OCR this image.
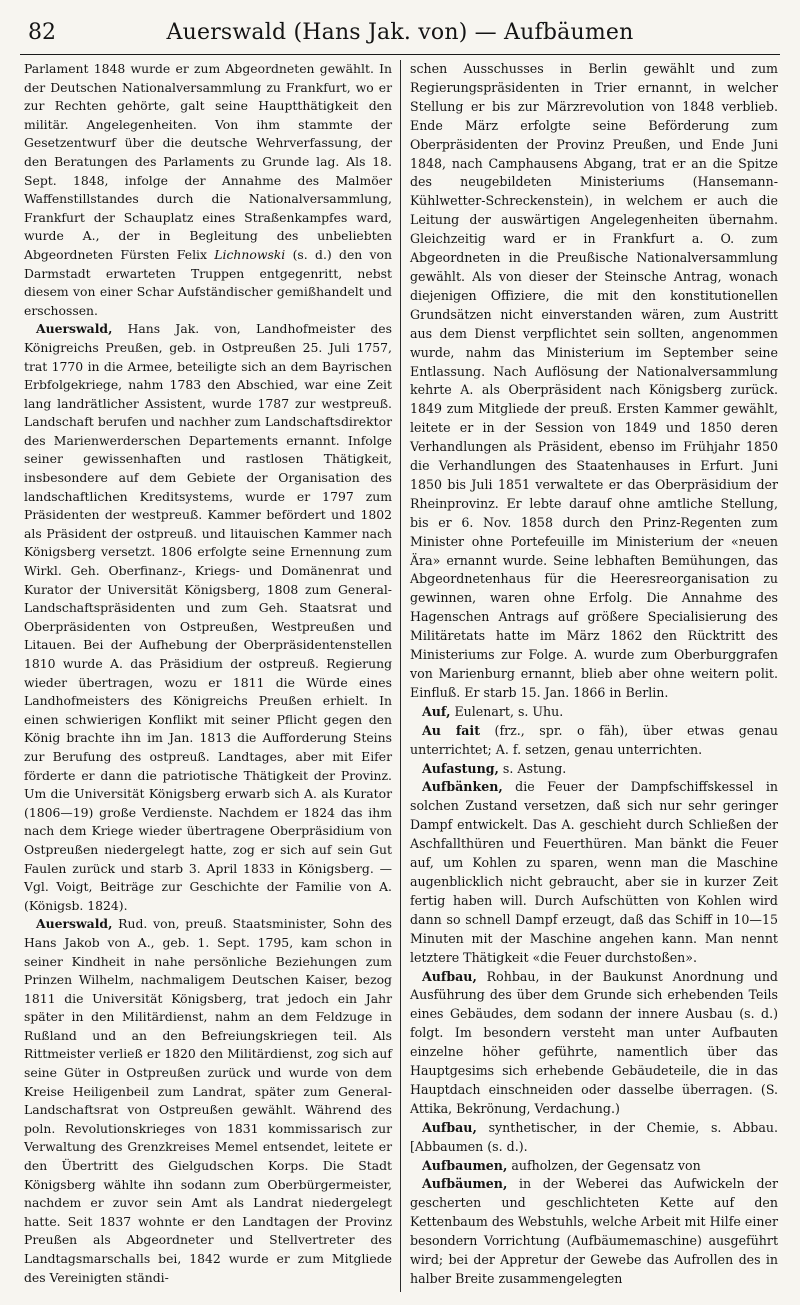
82	Auerswald (Hans Jak. von) — Aufbäumen

Parlament 1848 wurde er zum Abgeordneten gewählt. In der Deutschen Nationalversammlung zu Frankfurt, wo er zur Rechten gehörte, galt seine Hauptthätigkeit den militär. Angelegenheiten. Von ihm stammte der Gesetzentwurf über die deutsche Wehrverfassung, der den Beratungen des Parlaments zu Grunde lag. Als 18. Sept. 1848, infolge der Annahme des Malmöer Waffenstillstandes durch die Nationalversammlung, Frankfurt der Schauplatz eines Straßenkampfes ward, wurde A., der in Begleitung des unbeliebten Abgeordneten Fürsten Felix Lichnowski (s. d.) den von Darmstadt erwarteten Truppen entgegenritt, nebst diesem von einer Schar Aufständischer gemißhandelt und erschossen.

Auerswald, Hans Jak. von, Landhofmeister des Königreichs Preußen, geb. in Ostpreußen 25. Juli 1757, trat 1770 in die Armee, beteiligte sich an dem Bayrischen Erbfolgekriege, nahm 1783 den Abschied, war eine Zeit lang landrätlicher Assistent, wurde 1787 zur westpreuß. Landschaft berufen und nachher zum Landschaftsdirektor des Marienwerderschen Departements ernannt. Infolge seiner gewissenhaften und rastlosen Thätigkeit, insbesondere auf dem Gebiete der Organisation des landschaftlichen Kreditsystems, wurde er 1797 zum Präsidenten der westpreuß. Kammer befördert und 1802 als Präsident der ostpreuß. und litauischen Kammer nach Königsberg versetzt. 1806 erfolgte seine Ernennung zum Wirkl. Geh. Oberfinanz-, Kriegs- und Domänenrat und Kurator der Universität Königsberg, 1808 zum General-Landschaftspräsidenten und zum Geh. Staatsrat und Oberpräsidenten von Ostpreußen, Westpreußen und Litauen. Bei der Aufhebung der Oberpräsidentenstellen 1810 wurde A. das Präsidium der ostpreuß. Regierung wieder übertragen, wozu er 1811 die Würde eines Landhofmeisters des Königreichs Preußen erhielt. In einen schwierigen Konflikt mit seiner Pflicht gegen den König brachte ihn im Jan. 1813 die Aufforderung Steins zur Berufung des ostpreuß. Landtages, aber mit Eifer förderte er dann die patriotische Thätigkeit der Provinz. Um die Universität Königsberg erwarb sich A. als Kurator (1806—19) große Verdienste. Nachdem er 1824 das ihm nach dem Kriege wieder übertragene Oberpräsidium von Ostpreußen niedergelegt hatte, zog er sich auf sein Gut Faulen zurück und starb 3. April 1833 in Königsberg. — Vgl. Voigt, Beiträge zur Geschichte der Familie von A. (Königsb. 1824).

Auerswald, Rud. von, preuß. Staatsminister, Sohn des Hans Jakob von A., geb. 1. Sept. 1795, kam schon in seiner Kindheit in nahe persönliche Beziehungen zum Prinzen Wilhelm, nachmaligem Deutschen Kaiser, bezog 1811 die Universität Königsberg, trat jedoch ein Jahr später in den Militärdienst, nahm an dem Feldzuge in Rußland und an den Befreiungskriegen teil. Als Rittmeister verließ er 1820 den Militärdienst, zog sich auf seine Güter in Ostpreußen zurück und wurde von dem Kreise Heiligenbeil zum Landrat, später zum General-Landschaftsrat von Ostpreußen gewählt. Während des poln. Revolutionskrieges von 1831 kommissarisch zur Verwaltung des Grenzkreises Memel entsendet, leitete er den Übertritt des Gielgudschen Korps. Die Stadt Königsberg wählte ihn sodann zum Oberbürgermeister, nachdem er zuvor sein Amt als Landrat niedergelegt hatte. Seit 1837 wohnte er den Landtagen der Provinz Preußen als Abgeordneter und Stellvertreter des Landtagsmarschalls bei, 1842 wurde er zum Mitgliede des Vereinigten ständi-

schen Ausschusses in Berlin gewählt und zum Regierungspräsidenten in Trier ernannt, in welcher Stellung er bis zur Märzrevolution von 1848 verblieb. Ende März erfolgte seine Beförderung zum Oberpräsidenten der Provinz Preußen, und Ende Juni 1848, nach Camphausens Abgang, trat er an die Spitze des neugebildeten Ministeriums (Hansemann-Kühlwetter-Schreckenstein), in welchem er auch die Leitung der auswärtigen Angelegenheiten übernahm. Gleichzeitig ward er in Frankfurt a. O. zum Abgeordneten in die Preußische Nationalversammlung gewählt. Als von dieser der Steinsche Antrag, wonach diejenigen Offiziere, die mit den konstitutionellen Grundsätzen nicht einverstanden wären, zum Austritt aus dem Dienst verpflichtet sein sollten, angenommen wurde, nahm das Ministerium im September seine Entlassung. Nach Auflösung der Nationalversammlung kehrte A. als Oberpräsident nach Königsberg zurück. 1849 zum Mitgliede der preuß. Ersten Kammer gewählt, leitete er in der Session von 1849 und 1850 deren Verhandlungen als Präsident, ebenso im Frühjahr 1850 die Verhandlungen des Staatenhauses in Erfurt. Juni 1850 bis Juli 1851 verwaltete er das Oberpräsidium der Rheinprovinz. Er lebte darauf ohne amtliche Stellung, bis er 6. Nov. 1858 durch den Prinz-Regenten zum Minister ohne Portefeuille im Ministerium der «neuen Ära» ernannt wurde. Seine lebhaften Bemühungen, das Abgeordnetenhaus für die Heeresreorganisation zu gewinnen, waren ohne Erfolg. Die Annahme des Hagenschen Antrags auf größere Specialisierung des Militäretats hatte im März 1862 den Rücktritt des Ministeriums zur Folge. A. wurde zum Oberburggrafen von Marienburg ernannt, blieb aber ohne weitern polit. Einfluß. Er starb 15. Jan. 1866 in Berlin.

Auf, Eulenart, s. Uhu.

Au fait (frz., spr. o fäh), über etwas genau unterrichtet; A. f. setzen, genau unterrichten.

Aufastung, s. Astung.

Aufbänken, die Feuer der Dampfschiffskessel in solchen Zustand versetzen, daß sich nur sehr geringer Dampf entwickelt. Das A. geschieht durch Schließen der Aschfallthüren und Feuerthüren. Man bänkt die Feuer auf, um Kohlen zu sparen, wenn man die Maschine augenblicklich nicht gebraucht, aber sie in kurzer Zeit fertig haben will. Durch Aufschütten von Kohlen wird dann so schnell Dampf erzeugt, daß das Schiff in 10—15 Minuten mit der Maschine angehen kann. Man nennt letztere Thätigkeit «die Feuer durchstoßen».

Aufbau, Rohbau, in der Baukunst Anordnung und Ausführung des über dem Grunde sich erhebenden Teils eines Gebäudes, dem sodann der innere Ausbau (s. d.) folgt. Im besondern versteht man unter Aufbauten einzelne höher geführte, namentlich über das Hauptgesims sich erhebende Gebäudeteile, die in das Hauptdach einschneiden oder dasselbe überragen. (S. Attika, Bekrönung, Verdachung.)

Aufbau, synthetischer, in der Chemie, s. Abbau. [Abbaumen (s. d.).

Aufbaumen, aufholzen, der Gegensatz von

Aufbäumen, in der Weberei das Aufwickeln der gescherten und geschlichteten Kette auf den Kettenbaum des Webstuhls, welche Arbeit mit Hilfe einer besondern Vorrichtung (Aufbäumemaschine) ausgeführt wird; bei der Appretur der Gewebe das Aufrollen des in halber Breite zusammengelegten
